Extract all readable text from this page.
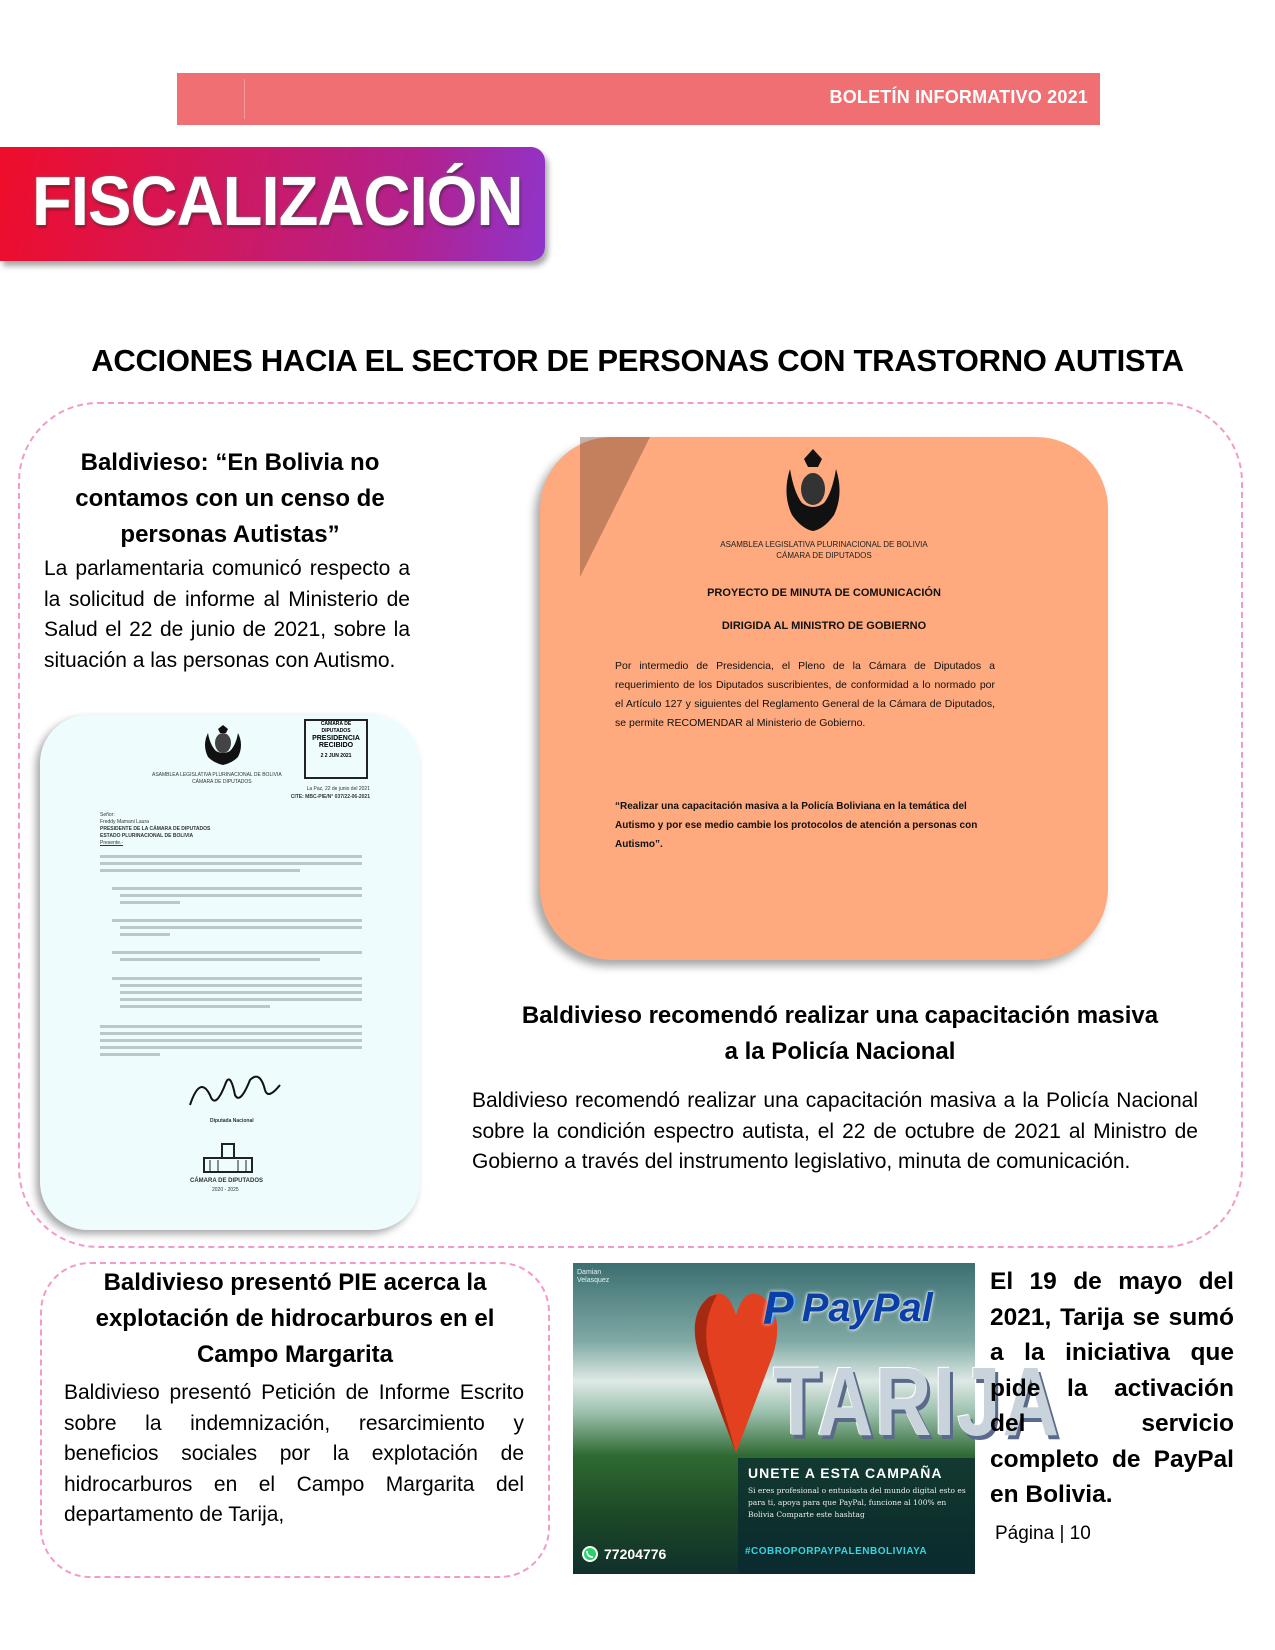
BOLETÍN INFORMATIVO 2021
FISCALIZACIÓN
ACCIONES HACIA EL SECTOR DE PERSONAS CON TRASTORNO AUTISTA
Baldivieso: “En Bolivia no
contamos con un censo de
personas Autistas”
La parlamentaria comunicó respecto a la solicitud de informe al Ministerio de Salud el 22 de junio de 2021, sobre la situación a las personas con Autismo.
ASAMBLEA LEGISLATIVA PLURINACIONAL DE BOLIVIA
CÁMARA DE DIPUTADOS
CÁMARA DE DIPUTADOS
PRESIDENCIA
RECIBIDO
2 2 JUN 2021
La Paz, 22 de junio del 2021
CITE: MBC-PIE/N° 037/22-06-2021
Señor:
Freddy Mamani Laura
PRESIDENTE DE LA CÁMARA DE DIPUTADOS
ESTADO PLURINACIONAL DE BOLIVIA
Presente.-
Diputada Nacional
CÁMARA DE DIPUTADOS
2020 - 2025
ASAMBLEA LEGISLATIVA PLURINACIONAL DE BOLIVIA
CÁMARA DE DIPUTADOS
PROYECTO DE MINUTA DE COMUNICACIÓN
DIRIGIDA AL MINISTRO DE GOBIERNO
Por intermedio de Presidencia, el Pleno de la Cámara de Diputados a requerimiento de los Diputados suscribientes, de conformidad a lo normado por el Artículo 127 y siguientes del Reglamento General de la Cámara de Diputados, se permite RECOMENDAR al Ministerio de Gobierno.
“Realizar una capacitación masiva a la Policía Boliviana en la temática del Autismo y por ese medio cambie los protocolos de atención a personas con Autismo”.
Baldivieso recomendó realizar una capacitación masiva
a la Policía Nacional
Baldivieso recomendó realizar una capacitación masiva a la Policía Nacional sobre la condición espectro autista, el 22 de octubre de 2021 al Ministro de Gobierno a través del instrumento legislativo, minuta de comunicación.
Baldivieso presentó PIE acerca la
explotación de hidrocarburos en el
Campo Margarita
Baldivieso presentó Petición de Informe Escrito sobre la indemnización, resarcimiento y beneficios sociales por la explotación de hidrocarburos en el Campo Margarita del departamento de Tarija,
Damian Velasquez
P PayPal
TARIJA
UNETE A ESTA CAMPAÑA
Si eres profesional o entusiasta del mundo digital esto es para ti, apoya para que PayPal, funcione al 100% en Bolivia Comparte este hashtag
#COBROPORPAYPALENBOLIVIAYA
77204776
El 19 de mayo del 2021, Tarija se sumó a la iniciativa que pide la activación del servicio completo de PayPal en Bolivia.
Página | 10
